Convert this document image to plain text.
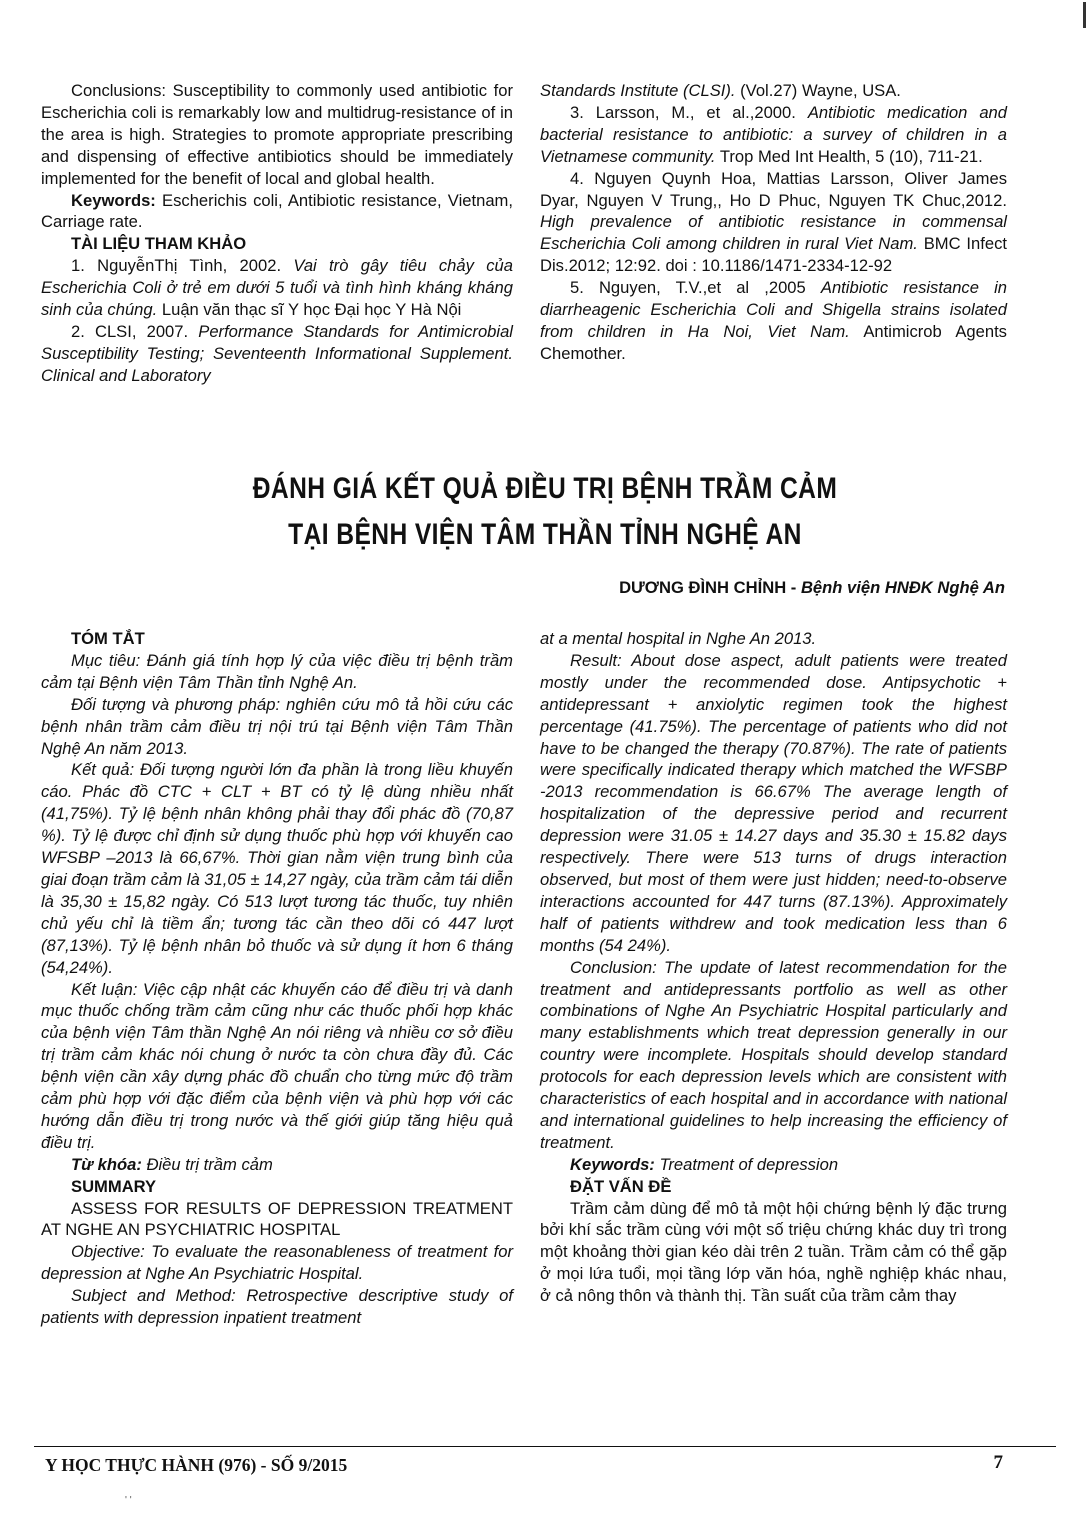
Conclusions: Susceptibility to commonly used antibiotic for Escherichia coli is remarkably low and multidrug-resistance of in the area is high. Strategies to promote appropriate prescribing and dispensing of effective antibiotics should be immediately implemented for the benefit of local and global health.

Keywords: Escherichis coli, Antibiotic resistance, Vietnam, Carriage rate.

TÀI LIỆU THAM KHẢO

1. NguyễnThị Tình, 2002. Vai trò gây tiêu chảy của Escherichia Coli ở trẻ em dưới 5 tuổi và tình hình kháng kháng sinh của chúng. Luận văn thạc sĩ Y học Đại học Y Hà Nội

2. CLSI, 2007. Performance Standards for Antimicrobial Susceptibility Testing; Seventeenth Informational Supplement. Clinical and Laboratory

Standards Institute (CLSI). (Vol.27) Wayne, USA.

3. Larsson, M., et al.,2000. Antibiotic medication and bacterial resistance to antibiotic: a survey of children in a Vietnamese community. Trop Med Int Health, 5 (10), 711-21.

4. Nguyen Quynh Hoa, Mattias Larsson, Oliver James Dyar, Nguyen V Trung,, Ho D Phuc, Nguyen TK Chuc,2012. High prevalence of antibiotic resistance in commensal Escherichia Coli among children in rural Viet Nam. BMC Infect Dis.2012; 12:92. doi : 10.1186/1471-2334-12-92

5. Nguyen, T.V.,et al ,2005 Antibiotic resistance in diarrheagenic Escherichia Coli and Shigella strains isolated from children in Ha Noi, Viet Nam. Antimicrob Agents Chemother.

ĐÁNH GIÁ KẾT QUẢ ĐIỀU TRỊ BỆNH TRẦM CẢM
TẠI BỆNH VIỆN TÂM THẦN TỈNH NGHỆ AN
DƯƠNG ĐÌNH CHỈNH - Bệnh viện HNĐK Nghệ An

TÓM TẮT

Mục tiêu: Đánh giá tính hợp lý của việc điều trị bệnh trầm cảm tại Bệnh viện Tâm Thần tỉnh Nghệ An.

Đối tượng và phương pháp: nghiên cứu mô tả hồi cứu các bệnh nhân trầm cảm điều trị nội trú tại Bệnh viện Tâm Thần Nghệ An năm 2013.

Kết quả: Đối tượng người lớn đa phần là trong liều khuyến cáo. Phác đồ CTC + CLT + BT có tỷ lệ dùng nhiều nhất (41,75%). Tỷ lệ bệnh nhân không phải thay đổi phác đồ (70,87 %). Tỷ lệ được chỉ định sử dụng thuốc phù hợp với khuyến cao WFSBP –2013 là 66,67%. Thời gian nằm viện trung bình của giai đoạn trầm cảm là 31,05 ± 14,27 ngày, của trầm cảm tái diễn là 35,30 ± 15,82 ngày. Có 513 lượt tương tác thuốc, tuy nhiên chủ yếu chỉ là tiềm ẩn; tương tác cần theo dõi có 447 lượt (87,13%). Tỷ lệ bệnh nhân bỏ thuốc và sử dụng ít hơn 6 tháng (54,24%).

Kết luận: Việc cập nhật các khuyến cáo để điều trị và danh mục thuốc chống trầm cảm cũng như các thuốc phối hợp khác của bệnh viện Tâm thần Nghệ An nói riêng và nhiều cơ sở điều trị trầm cảm khác nói chung ở nước ta còn chưa đầy đủ. Các bệnh viện cần xây dựng phác đồ chuẩn cho từng mức độ trầm cảm phù hợp với đặc điểm của bệnh viện và phù hợp với các hướng dẫn điều trị trong nước và thế giới giúp tăng hiệu quả điều trị.

Từ khóa: Điều trị trầm cảm

SUMMARY

ASSESS FOR RESULTS OF DEPRESSION TREATMENT AT NGHE AN PSYCHIATRIC HOSPITAL

Objective: To evaluate the reasonableness of treatment for depression at Nghe An Psychiatric Hospital.

Subject and Method: Retrospective descriptive study of patients with depression inpatient treatment

at a mental hospital in Nghe An 2013.

Result: About dose aspect, adult patients were treated mostly under the recommended dose. Antipsychotic + antidepressant + anxiolytic regimen took the highest percentage (41.75%). The percentage of patients who did not have to be changed the therapy (70.87%). The rate of patients were specifically indicated therapy which matched the WFSBP -2013 recommendation is 66.67% The average length of hospitalization of the depressive period and recurrent depression were 31.05 ± 14.27 days and 35.30 ± 15.82 days respectively. There were 513 turns of drugs interaction observed, but most of them were just hidden; need-to-observe interactions accounted for 447 turns (87.13%). Approximately half of patients withdrew and took medication less than 6 months (54 24%).

Conclusion: The update of latest recommendation for the treatment and antidepressants portfolio as well as other combinations of Nghe An Psychiatric Hospital particularly and many establishments which treat depression generally in our country were incomplete. Hospitals should develop standard protocols for each depression levels which are consistent with characteristics of each hospital and in accordance with national and international guidelines to help increasing the efficiency of treatment.

Keywords: Treatment of depression

ĐẶT VẤN ĐỀ

Trầm cảm dùng để mô tả một hội chứng bệnh lý đặc trưng bởi khí sắc trầm cùng với một số triệu chứng khác duy trì trong một khoảng thời gian kéo dài trên 2 tuần. Trầm cảm có thể gặp ở mọi lứa tuổi, mọi tầng lớp văn hóa, nghề nghiệp khác nhau, ở cả nông thôn và thành thị. Tần suất của trầm cảm thay

Y HỌC THỰC HÀNH (976) - SỐ 9/2015	7
' '
